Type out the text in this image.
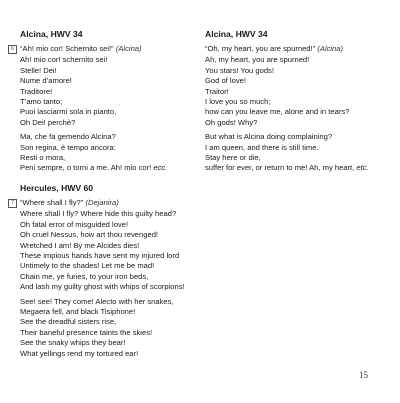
Alcina, HWV 34
6 “Ah! mio cor! Schernito sei!” (Alcina)
Ah! mio cor! schernito sei!
Stelle! Dei!
Nume d’amore!
Traditore!
T’amo tanto;
Puoi lasciarmi sola in pianto,
Oh Dei! perchè?
Ma, che fa gemendo Alcina?
Son regina, è tempo ancora:
Resti o mora,
Peni sempre, o torni a me. Ah! mio cor! ecc.
Hercules, HWV 60
7 “Where shall I fly?” (Dejanira)
Where shall I fly? Where hide this guilty head?
Oh fatal error of misguided love!
Oh cruel Nessus, how art thou revenged!
Wretched I am! By me Alcides dies!
These impious hands have sent my injured lord
Untimely to the shades! Let me be mad!
Chain me, ye furies, to your iron beds,
And lash my guilty ghost with whips of scorpions!
See! see! They come! Alecto with her snakes,
Megaera fell, and black Tisiphone!
See the dreadful sisters rise,
Their baneful presence taints the skies!
See the snaky whips they bear!
What yellings rend my tortured ear!
Alcina, HWV 34
“Oh, my heart, you are spurned!” (Alcina)
Ah, my heart, you are spurned!
You stars! You gods!
God of love!
Traitor!
I love you so much;
how can you leave me, alone and in tears?
Oh gods! Why?
But what is Alcina doing complaining?
I am queen, and there is still time.
Stay here or die,
suffer for ever, or return to me! Ah, my heart, etc.
15
